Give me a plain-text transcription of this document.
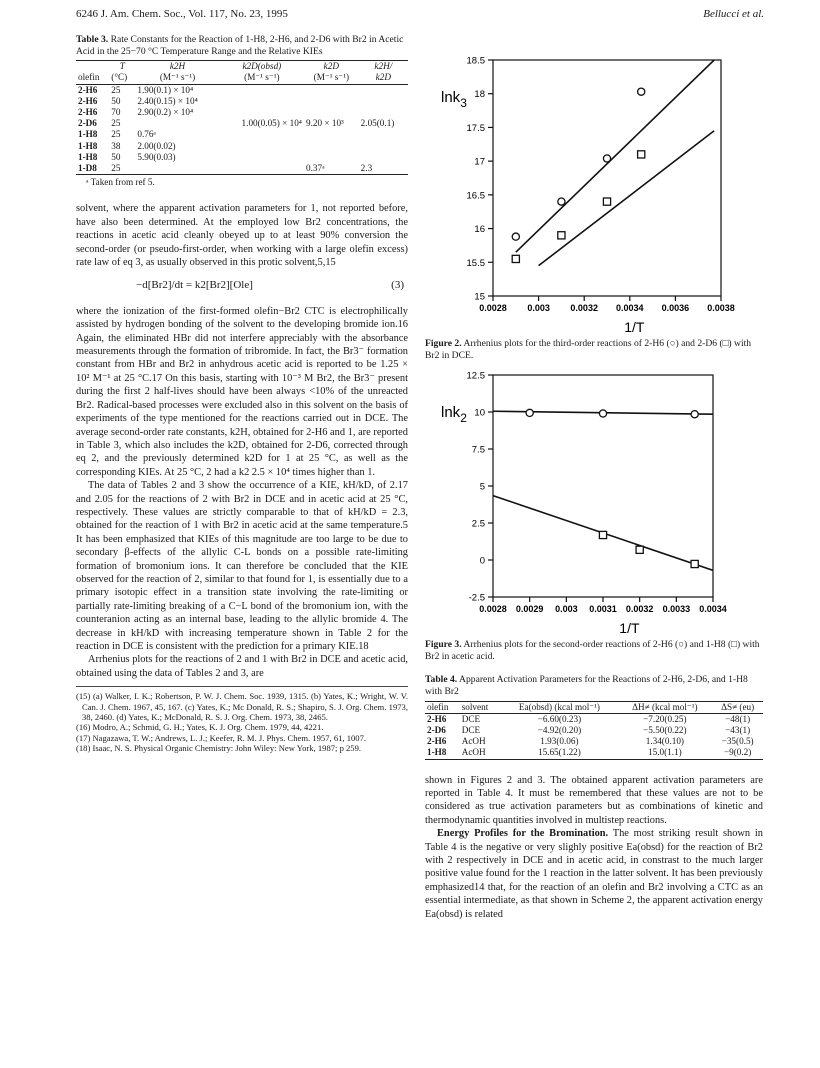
6246 J. Am. Chem. Soc., Vol. 117, No. 23, 1995	Bellucci et al.
Table 3. Rate Constants for the Reaction of 1-H8, 2-H6, and 2-D6 with Br2 in Acetic Acid in the 25−70 °C Temperature Range and the Relative KIEs
	T	k2H	k2D(obsd)	k2D	k2H/
olefin	(°C)	(M⁻¹ s⁻¹)	(M⁻¹ s⁻¹)	(M⁻¹ s⁻¹)	k2D
2-H6	25	1.90(0.1) × 10⁴			
2-H6	50	2.40(0.15) × 10⁴			
2-H6	70	2.90(0.2) × 10⁴			
2-D6	25		1.00(0.05) × 10⁴	9.20 × 10³	2.05(0.1)
1-H8	25	0.76ᵃ			
1-H8	38	2.00(0.02)			
1-H8	50	5.90(0.03)			
1-D8	25			0.37ᵃ	2.3
ᵃ Taken from ref 5.					

solvent, where the apparent activation parameters for 1, not reported before, have also been determined. At the employed low Br2 concentrations, the reactions in acetic acid cleanly obeyed up to at least 90% conversion the second-order (or pseudo-first-order, when working with a large olefin excess) rate law of eq 3, as usually observed in this protic solvent,5,15

−d[Br2]/dt = k2[Br2][Ole]	(3)

where the ionization of the first-formed olefin−Br2 CTC is electrophilically assisted by hydrogen bonding of the solvent to the developing bromide ion.16 Again, the eliminated HBr did not interfere appreciably with the absorbance measurements through the formation of tribromide. In fact, the Br3⁻ formation constant from HBr and Br2 in anhydrous acetic acid is reported to be 1.25 × 10² M⁻¹ at 25 °C.17 On this basis, starting with 10⁻³ M Br2, the Br3⁻ present during the first 2 half-lives should have been always <10% of the unreacted Br2. Radical-based processes were excluded also in this solvent on the basis of experiments of the type mentioned for the reactions carried out in DCE. The average second-order rate constants, k2H, obtained for 2-H6 and 1, are reported in Table 3, which also includes the k2D, obtained for 2-D6, corrected through eq 2, and the previously determined k2D for 1 at 25 °C, as well as the corresponding KIEs. At 25 °C, 2 had a k2 2.5 × 10⁴ times higher than 1.

The data of Tables 2 and 3 show the occurrence of a KIE, kH/kD, of 2.17 and 2.05 for the reactions of 2 with Br2 in DCE and in acetic acid at 25 °C, respectively. These values are strictly comparable to that of kH/kD = 2.3, obtained for the reaction of 1 with Br2 in acetic acid at the same temperature.5 It has been emphasized that KIEs of this magnitude are too large to be due to secondary β-effects of the allylic C-L bonds on a possible rate-limiting formation of bromonium ions. It can therefore be concluded that the KIE observed for the reaction of 2, similar to that found for 1, is essentially due to a primary isotopic effect in a transition state involving the rate-limiting or partially rate-limiting breaking of a C−L bond of the bromonium ion, with the counteranion acting as an internal base, leading to the allylic bromide 4. The decrease in kH/kD with increasing temperature shown in Table 2 for the reaction in DCE is consistent with the prediction for a primary KIE.18

Arrhenius plots for the reactions of 2 and 1 with Br2 in DCE and acetic acid, obtained using the data of Tables 2 and 3, are

(15) (a) Walker, I. K.; Robertson, P. W. J. Chem. Soc. 1939, 1315. (b) Yates, K.; Wright, W. V. Can. J. Chem. 1967, 45, 167. (c) Yates, K.; Mc Donald, R. S.; Shapiro, S. J. Org. Chem. 1973, 38, 2460. (d) Yates, K.; McDonald, R. S. J. Org. Chem. 1973, 38, 2465.
(16) Modro, A.; Schmid, G. H.; Yates, K. J. Org. Chem. 1979, 44, 4221.
(17) Nagazawa, T. W.; Andrews, L. J.; Keefer, R. M. J. Phys. Chem. 1957, 61, 1007.
(18) Isaac, N. S. Physical Organic Chemistry: John Wiley: New York, 1987; p 259.
18.5
18
17.5
17
16.5
16
15.5
15
0.0028 0.003 0.0032 0.0034 0.0036 0.0038
lnk$_3$
1/T
Figure 2. Arrhenius plots for the third-order reactions of 2-H6 (○) and 2-D6 (□) with Br2 in DCE.
12.5
10
7.5
5
2.5
0
-2.5
0.0028 0.0029 0.003 0.0031 0.0032 0.0033 0.0034
lnk$_2$
1/T
Figure 3. Arrhenius plots for the second-order reactions of 2-H6 (○) and 1-H8 (□) with Br2 in acetic acid.
Table 4. Apparent Activation Parameters for the Reactions of 2-H6, 2-D6, and 1-H8 with Br2
olefin	solvent	Ea(obsd) (kcal mol⁻¹)	ΔH≠ (kcal mol⁻¹)	ΔS≠ (eu)
2-H6	DCE	−6.60(0.23)	−7.20(0.25)	−48(1)
2-D6	DCE	−4.92(0.20)	−5.50(0.22)	−43(1)
2-H6	AcOH	1.93(0.06)	1.34(0.10)	−35(0.5)
1-H8	AcOH	15.65(1.22)	15.0(1.1)	−9(0.2)

shown in Figures 2 and 3. The obtained apparent activation parameters are reported in Table 4. It must be remembered that these values are not to be considered as true activation parameters but as combinations of kinetic and thermodynamic quantities involved in multistep reactions.

Energy Profiles for the Bromination. The most striking result shown in Table 4 is the negative or very slighly positive Ea(obsd) for the reaction of Br2 with 2 respectively in DCE and in acetic acid, in constrast to the much larger positive value found for the 1 reaction in the latter solvent. It has been previously emphasized14 that, for the reaction of an olefin and Br2 involving a CTC as an essential intermediate, as that shown in Scheme 2, the apparent activation energy Ea(obsd) is related
